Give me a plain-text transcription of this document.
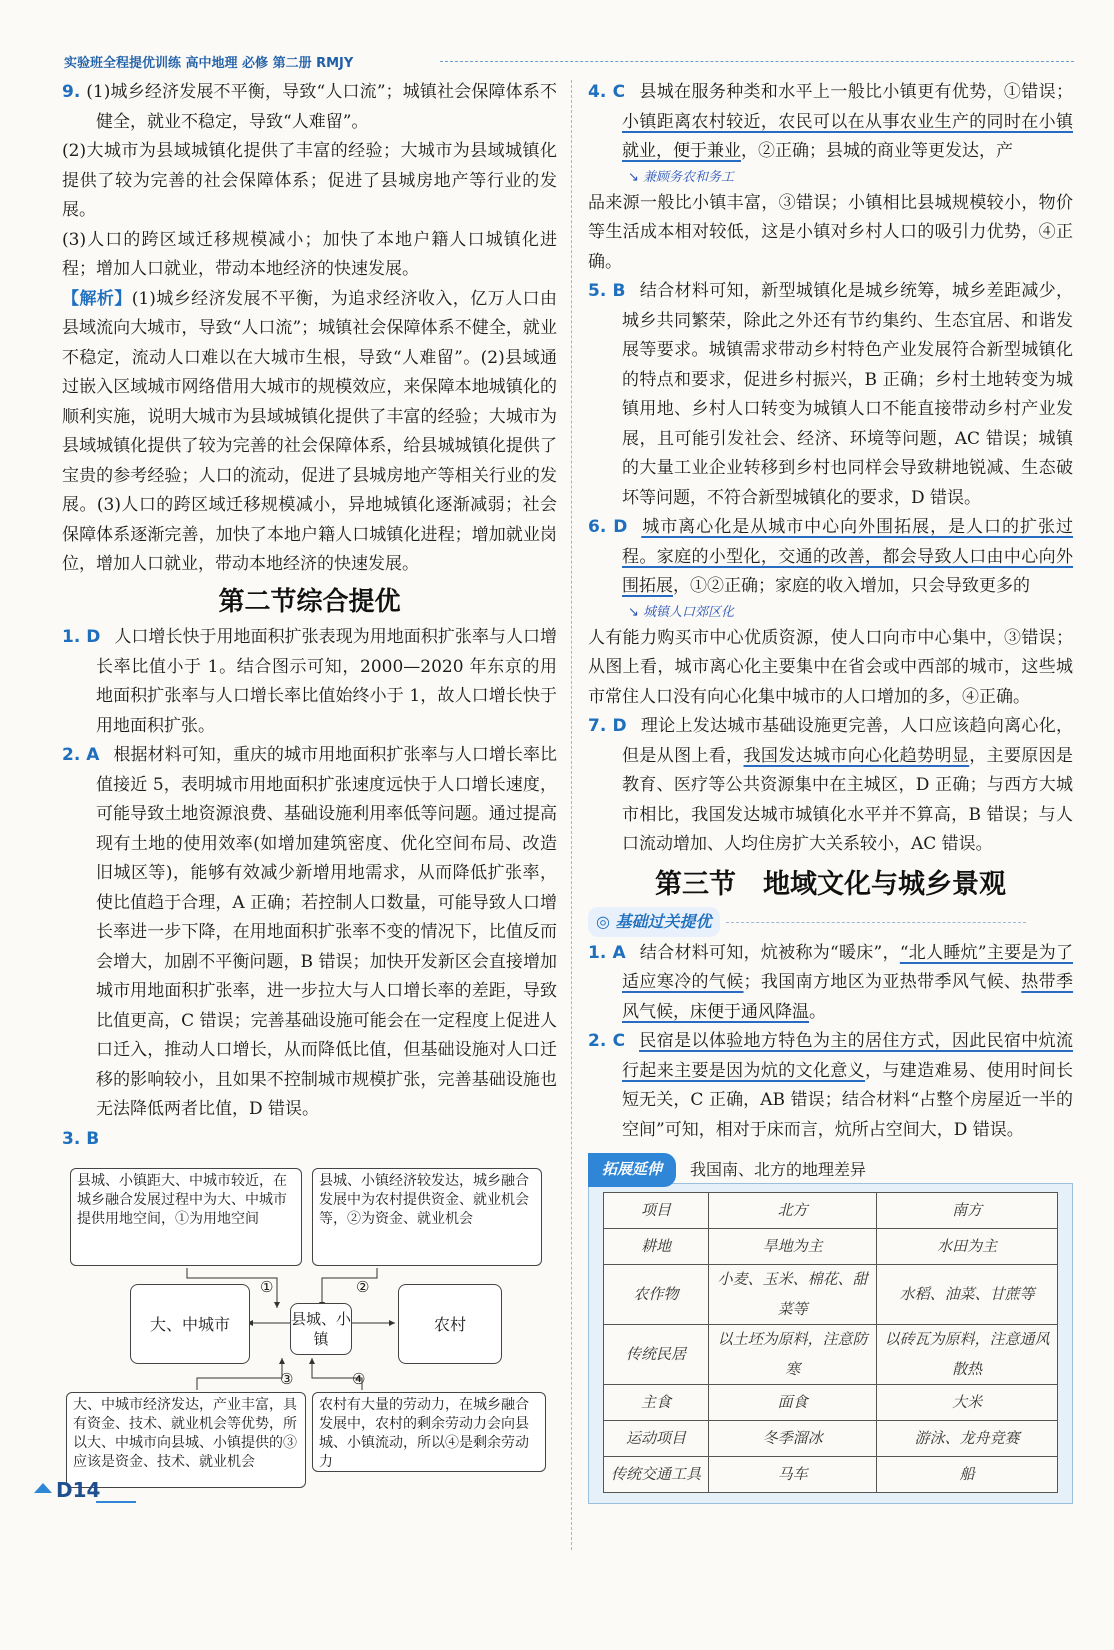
实验班全程提优训练 高中地理 必修 第二册 RMJY

9. (1)城乡经济发展不平衡，导致“人口流”；城镇社会保障体系不健全，就业不稳定，导致“人难留”。

(2)大城市为县域城镇化提供了丰富的经验；大城市为县域城镇化提供了较为完善的社会保障体系；促进了县城房地产等行业的发展。

(3)人口的跨区域迁移规模减小；加快了本地户籍人口城镇化进程；增加人口就业，带动本地经济的快速发展。

【解析】(1)城乡经济发展不平衡，为追求经济收入，亿万人口由县域流向大城市，导致“人口流”；城镇社会保障体系不健全，就业不稳定，流动人口难以在大城市生根，导致“人难留”。(2)县域通过嵌入区域城市网络借用大城市的规模效应，来保障本地城镇化的顺利实施，说明大城市为县域城镇化提供了丰富的经验；大城市为县域城镇化提供了较为完善的社会保障体系，给县城城镇化提供了宝贵的参考经验；人口的流动，促进了县城房地产等相关行业的发展。(3)人口的跨区域迁移规模减小，异地城镇化逐渐减弱；社会保障体系逐渐完善，加快了本地户籍人口城镇化进程；增加就业岗位，增加人口就业，带动本地经济的快速发展。

第二节综合提优

1. D 人口增长快于用地面积扩张表现为用地面积扩张率与人口增长率比值小于 1。结合图示可知，2000—2020 年东京的用地面积扩张率与人口增长率比值始终小于 1，故人口增长快于用地面积扩张。

2. A 根据材料可知，重庆的城市用地面积扩张率与人口增长率比值接近 5，表明城市用地面积扩张速度远快于人口增长速度，可能导致土地资源浪费、基础设施利用率低等问题。通过提高现有土地的使用效率(如增加建筑密度、优化空间布局、改造旧城区等)，能够有效减少新增用地需求，从而降低扩张率，使比值趋于合理，A 正确；若控制人口数量，可能导致人口增长率进一步下降，在用地面积扩张率不变的情况下，比值反而会增大，加剧不平衡问题，B 错误；加快开发新区会直接增加城市用地面积扩张率，进一步拉大与人口增长率的差距，导致比值更高，C 错误；完善基础设施可能会在一定程度上促进人口迁入，推动人口增长，从而降低比值，但基础设施对人口迁移的影响较小，且如果不控制城市规模扩张，完善基础设施也无法降低两者比值，D 错误。

3. B

县城、小镇距大、中城市较近，在城乡融合发展过程中为大、中城市提供用地空间，①为用地空间
县城、小镇经济较发达，城乡融合发展中为农村提供资金、就业机会等，②为资金、就业机会
①	②
大、中城市	县城、小镇
农村
③	④
大、中城市经济发达，产业丰富，具有资金、技术、就业机会等优势，所以大、中城市向县城、小镇提供的③应该是资金、技术、就业机会
农村有大量的劳动力，在城乡融合发展中，农村的剩余劳动力会向县城、小镇流动，所以④是剩余劳动力

4. C 县城在服务种类和水平上一般比小镇更有优势，①错误；小镇距离农村较近，农民可以在从事农业生产的同时在小镇就业，便于兼业，②正确；县城的商业等更发达，产

↘ 兼顾务农和务工

品来源一般比小镇丰富，③错误；小镇相比县城规模较小，物价等生活成本相对较低，这是小镇对乡村人口的吸引力优势，④正确。

5. B 结合材料可知，新型城镇化是城乡统筹，城乡差距减少，城乡共同繁荣，除此之外还有节约集约、生态宜居、和谐发展等要求。城镇需求带动乡村特色产业发展符合新型城镇化的特点和要求，促进乡村振兴，B 正确；乡村土地转变为城镇用地、乡村人口转变为城镇人口不能直接带动乡村产业发展，且可能引发社会、经济、环境等问题，AC 错误；城镇的大量工业企业转移到乡村也同样会导致耕地锐减、生态破坏等问题，不符合新型城镇化的要求，D 错误。

6. D 城市离心化是从城市中心向外围拓展，是人口的扩张过程。家庭的小型化，交通的改善，都会导致人口由中心向外围拓展，①②正确；家庭的收入增加，只会导致更多的

↘ 城镇人口郊区化

人有能力购买市中心优质资源，使人口向市中心集中，③错误；从图上看，城市离心化主要集中在省会或中西部的城市，这些城市常住人口没有向心化集中城市的人口增加的多，④正确。

7. D 理论上发达城市基础设施更完善，人口应该趋向离心化，但是从图上看，我国发达城市向心化趋势明显，主要原因是教育、医疗等公共资源集中在主城区，D 正确；与西方大城市相比，我国发达城市城镇化水平并不算高，B 错误；与人口流动增加、人均住房扩大关系较小，AC 错误。

第三节　地域文化与城乡景观
◎ 基础过关提优

1. A 结合材料可知，炕被称为“暖床”，“北人睡炕”主要是为了适应寒冷的气候；我国南方地区为亚热带季风气候、热带季风气候，床便于通风降温。

2. C 民宿是以体验地方特色为主的居住方式，因此民宿中炕流行起来主要是因为炕的文化意义，与建造难易、使用时间长短无关，C 正确，AB 错误；结合材料“占整个房屋近一半的空间”可知，相对于床而言，炕所占空间大，D 错误。

拓展延伸	我国南、北方的地理差异
项目	北方	南方
耕地	旱地为主	水田为主
农作物	小麦、玉米、棉花、甜菜等	水稻、油菜、甘蔗等
传统民居	以土坯为原料，注意防寒	以砖瓦为原料，注意通风散热
主食	面食	大米
运动项目	冬季溜冰	游泳、龙舟竞赛
传统交通工具	马车	船
D14
